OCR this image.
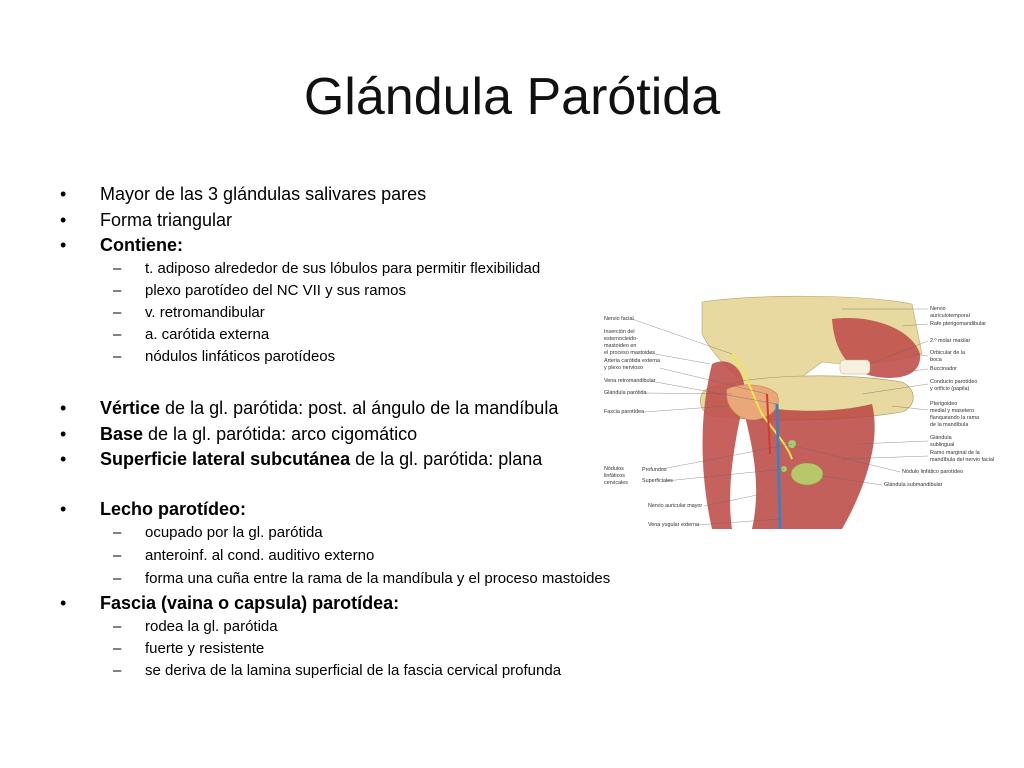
Glándula Parótida
• Mayor de las 3 glándulas salivares pares
• Forma triangular
• Contiene:
– t. adiposo alrededor de sus lóbulos para permitir flexibilidad
– plexo parotídeo del NC VII y sus ramos
– v. retromandibular
– a. carótida externa
– nódulos linfáticos parotídeos
• Vértice de la gl. parótida: post. al ángulo de la mandíbula
• Base de la gl. parótida: arco cigomático
• Superficie lateral subcutánea de la gl. parótida: plana
• Lecho parotídeo:
– ocupado por la gl. parótida
– anteroinf. al cond. auditivo externo
– forma una cuña entre la rama de la mandíbula y el proceso mastoides
• Fascia (vaina o capsula) parotídea:
– rodea la gl. parótida
– fuerte y resistente
– se deriva de la lamina superficial de la fascia cervical profunda
Nervio facial
Inserción del
esternocleido-
mastoideo en
el proceso mastoides
Arteria carótida externa
y plexo nervioso
Vena retromandibular
Glándula parótida
Fascia parotídea
Nódulos
linfáticos
cervicales
Profundos
Superficiales
Nervio auricular mayor
Vena yugular externa
Nervio
auriculotemporal
Rafe pterigomandibular
2.º molar maxilar
Orbicular de la
boca
Buccinador
Conducto parotídeo
y orificio (papila)
Pterigoideo
medial y masetero
flanqueando la rama
de la mandíbula
Glándula
sublingual
Ramo marginal de la
mandíbula del nervio facial
Nódulo linfático parotídeo
Glándula submandibular
